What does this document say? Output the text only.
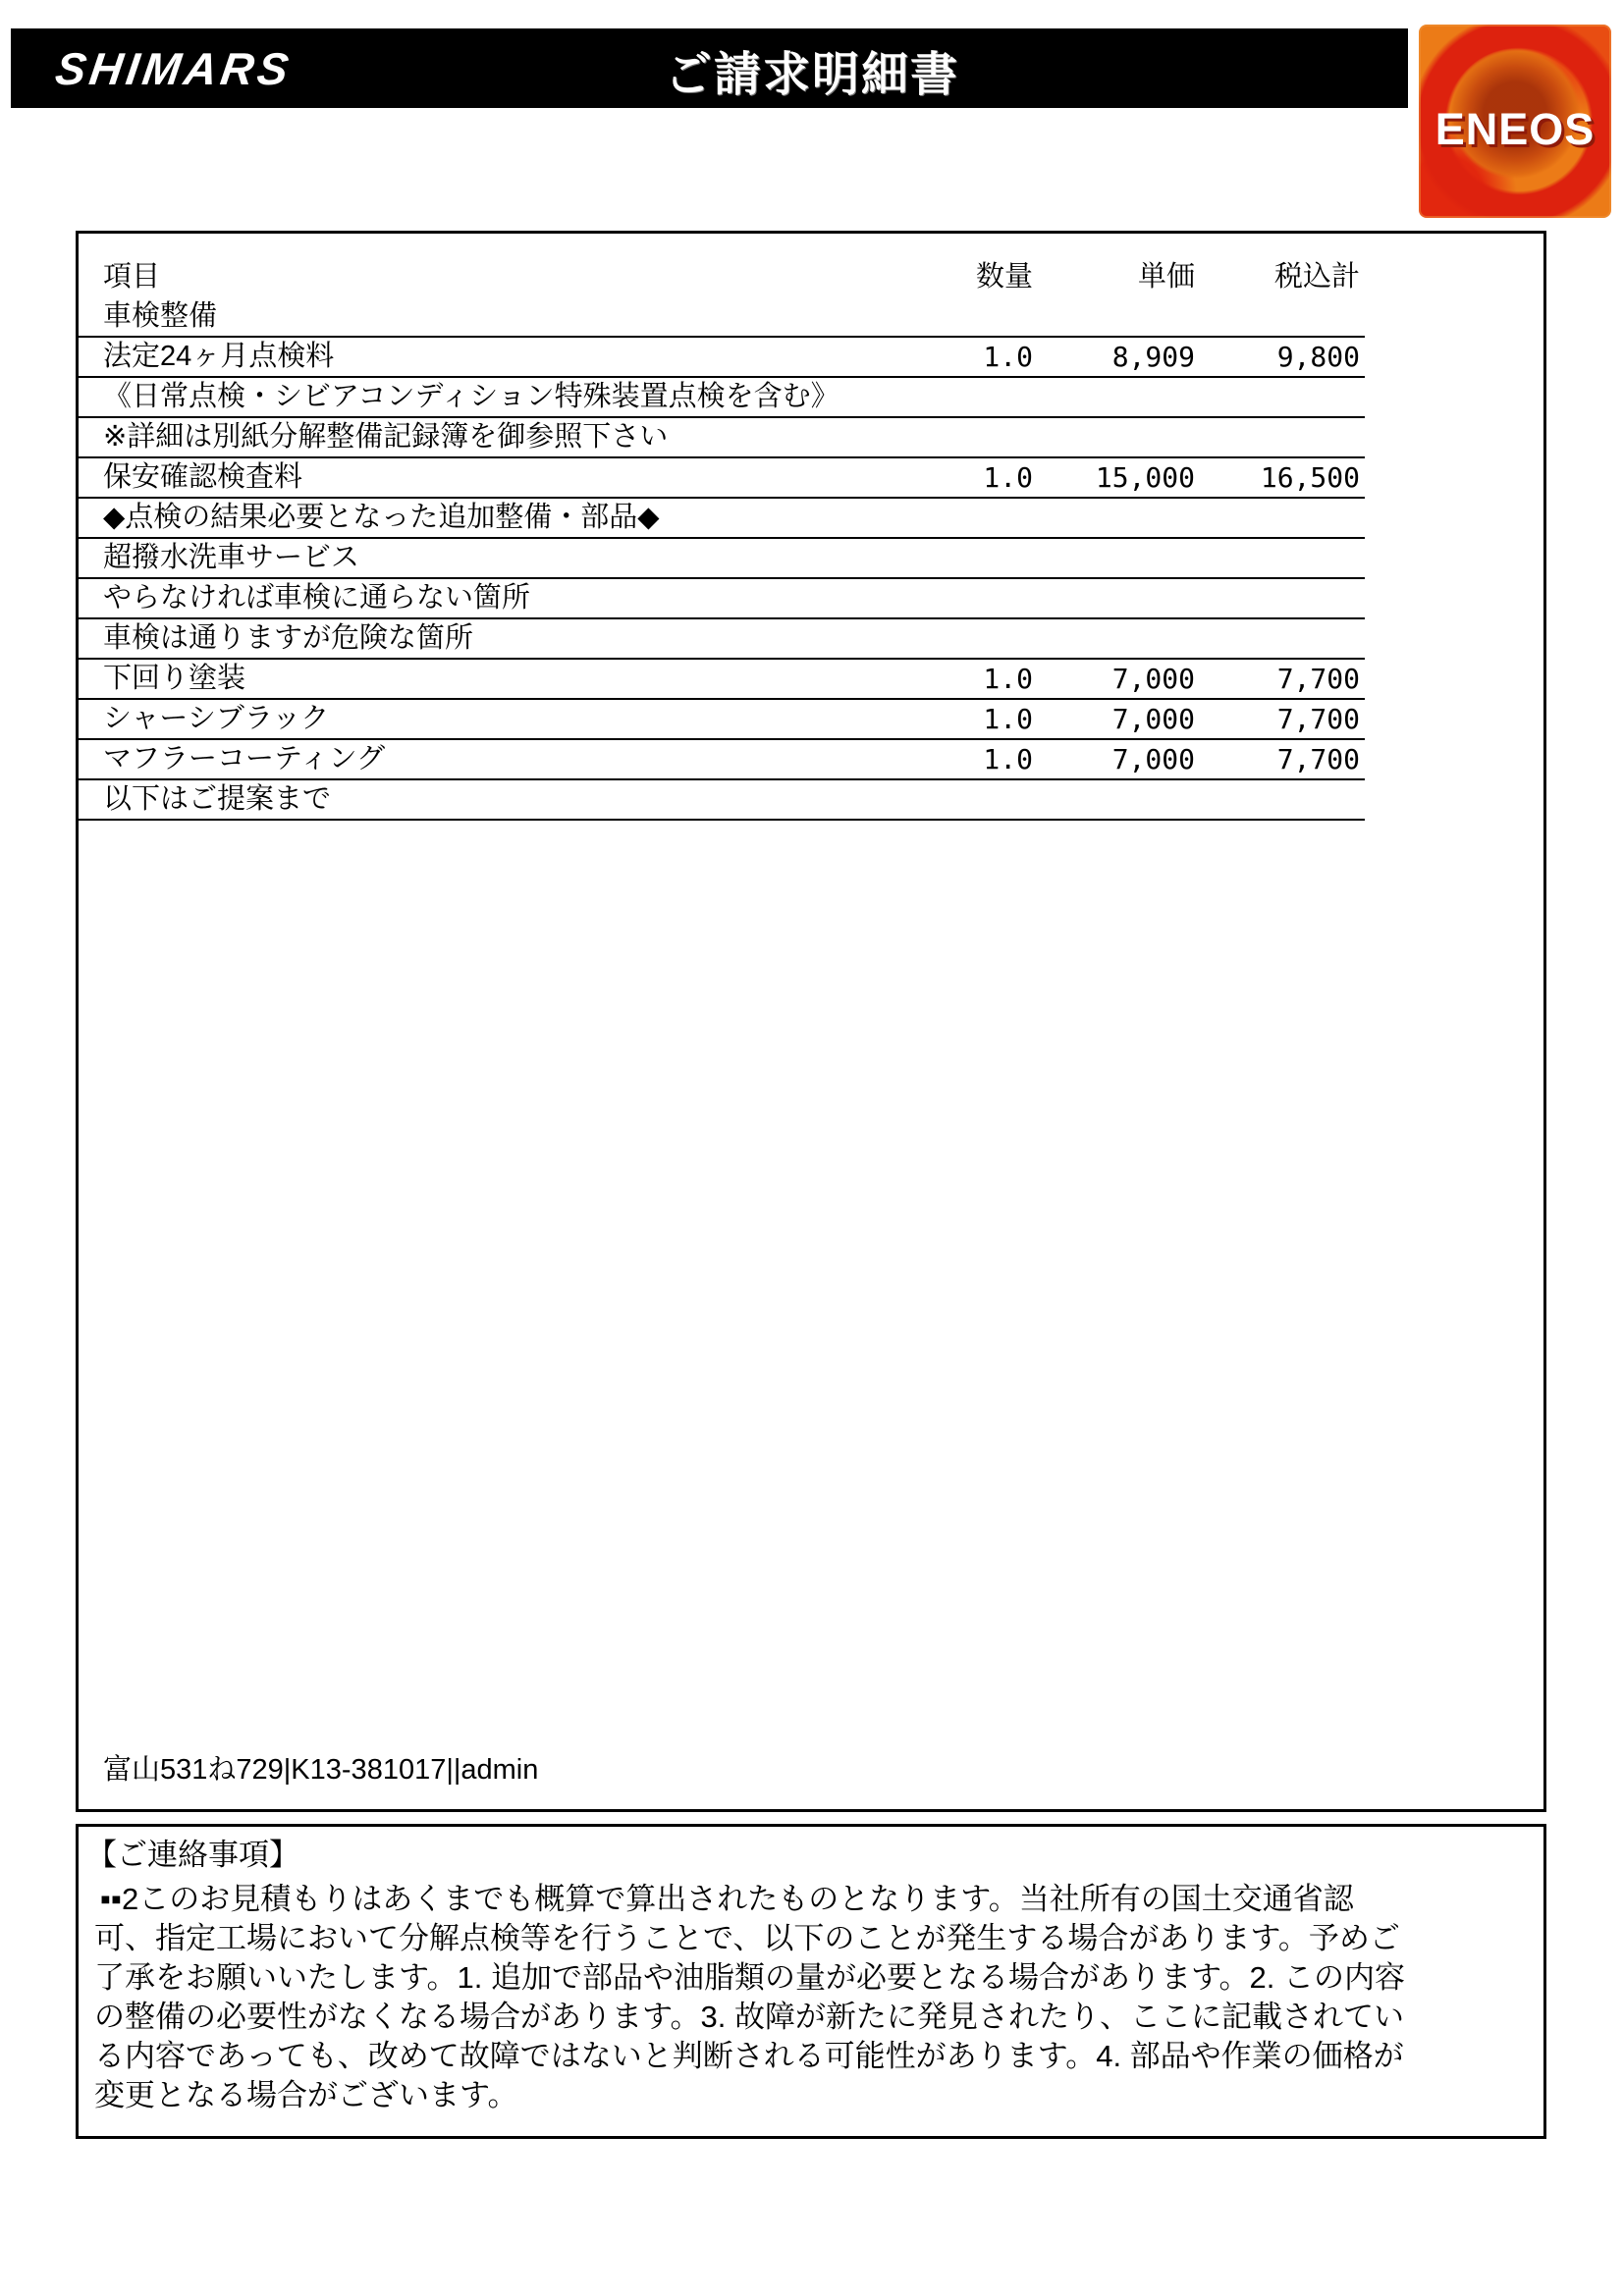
SHIMARS	ご請求明細書
ENEOS
項目	数量	単価	税込計
車検整備
法定24ヶ月点検料	1.0	8,909	9,800
《日常点検・シビアコンディション特殊装置点検を含む》
※詳細は別紙分解整備記録簿を御参照下さい
保安確認検査料	1.0	15,000	16,500
◆点検の結果必要となった追加整備・部品◆
超撥水洗車サービス
やらなければ車検に通らない箇所
車検は通りますが危険な箇所
下回り塗装	1.0	7,000	7,700
シャーシブラック	1.0	7,000	7,700
マフラーコーティング	1.0	7,000	7,700
以下はご提案まで
富山531ね729|K13-381017||admin
【ご連絡事項】
▪▪2このお見積もりはあくまでも概算で算出されたものとなります。当社所有の国土交通省認
可、指定工場において分解点検等を行うことで、以下のことが発生する場合があります。予めご
了承をお願いいたします。1. 追加で部品や油脂類の量が必要となる場合があります。2. この内容
の整備の必要性がなくなる場合があります。3. 故障が新たに発見されたり、ここに記載されてい
る内容であっても、改めて故障ではないと判断される可能性があります。4. 部品や作業の価格が
変更となる場合がございます。
